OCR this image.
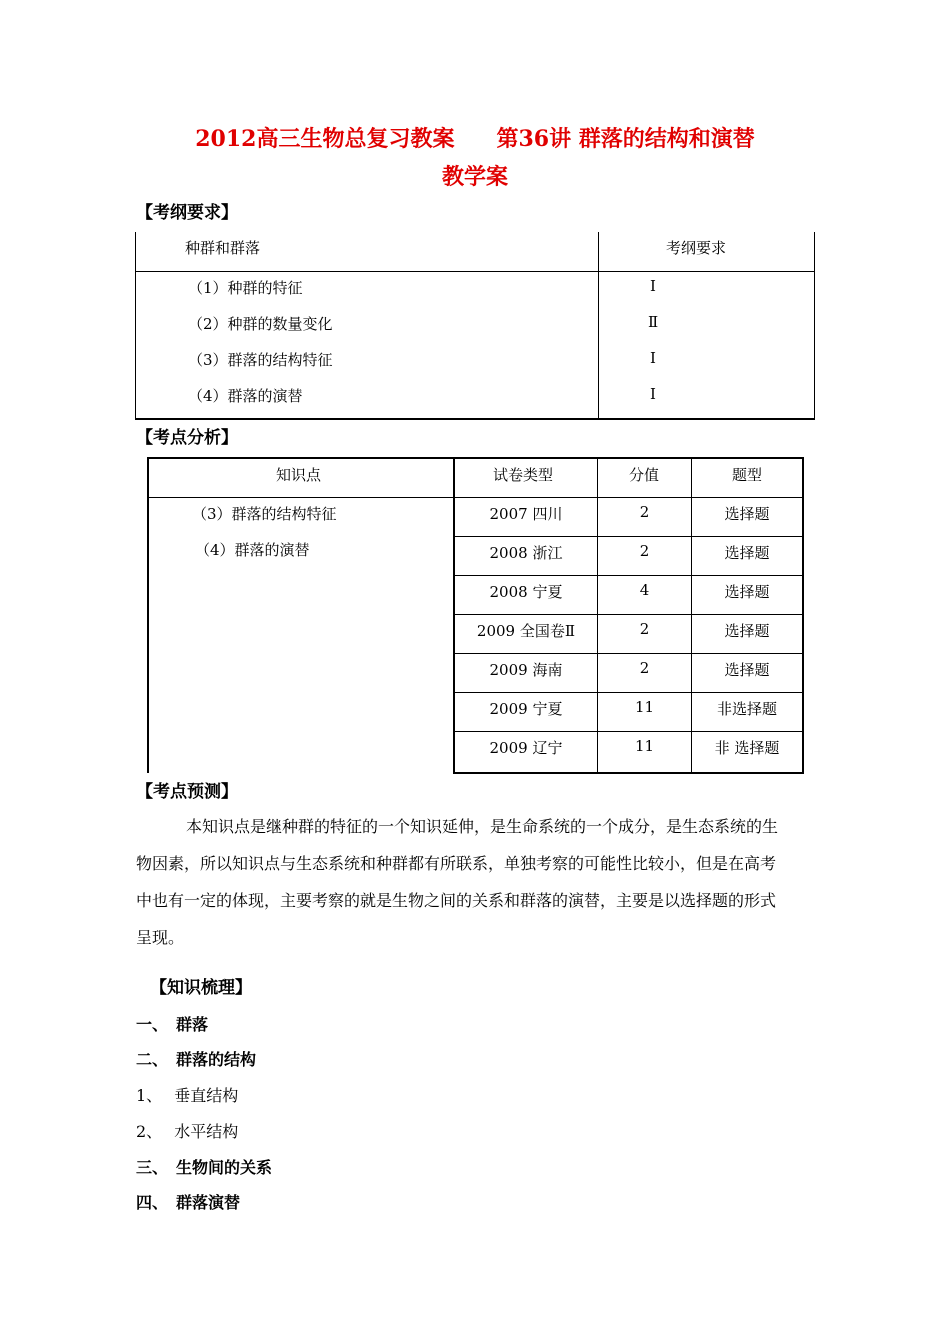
2012高三生物总复习教案 第36讲 群落的结构和演替
教学案
【考纲要求】
种群和群落	考纲要求
（1）种群的特征	Ⅰ
（2）种群的数量变化	Ⅱ
（3）群落的结构特征	Ⅰ
（4）群落的演替	Ⅰ
【考点分析】
知识点	试卷类型	分值	题型
（3）群落的结构特征
（4）群落的演替
2007 四川	2	选择题
2008 浙江	2	选择题
2008 宁夏	4	选择题
2009 全国卷Ⅱ	2	选择题
2009 海南	2	选择题
2009 宁夏	11	非选择题
2009 辽宁	11	非 选择题
【考点预测】
本知识点是继种群的特征的一个知识延伸，是生命系统的一个成分，是生态系统的生
物因素，所以知识点与生态系统和种群都有所联系，单独考察的可能性比较小，但是在高考
中也有一定的体现，主要考察的就是生物之间的关系和群落的演替，主要是以选择题的形式
呈现。
【知识梳理】
一、 群落
二、 群落的结构
1、 垂直结构
2、 水平结构
三、 生物间的关系
四、 群落演替
